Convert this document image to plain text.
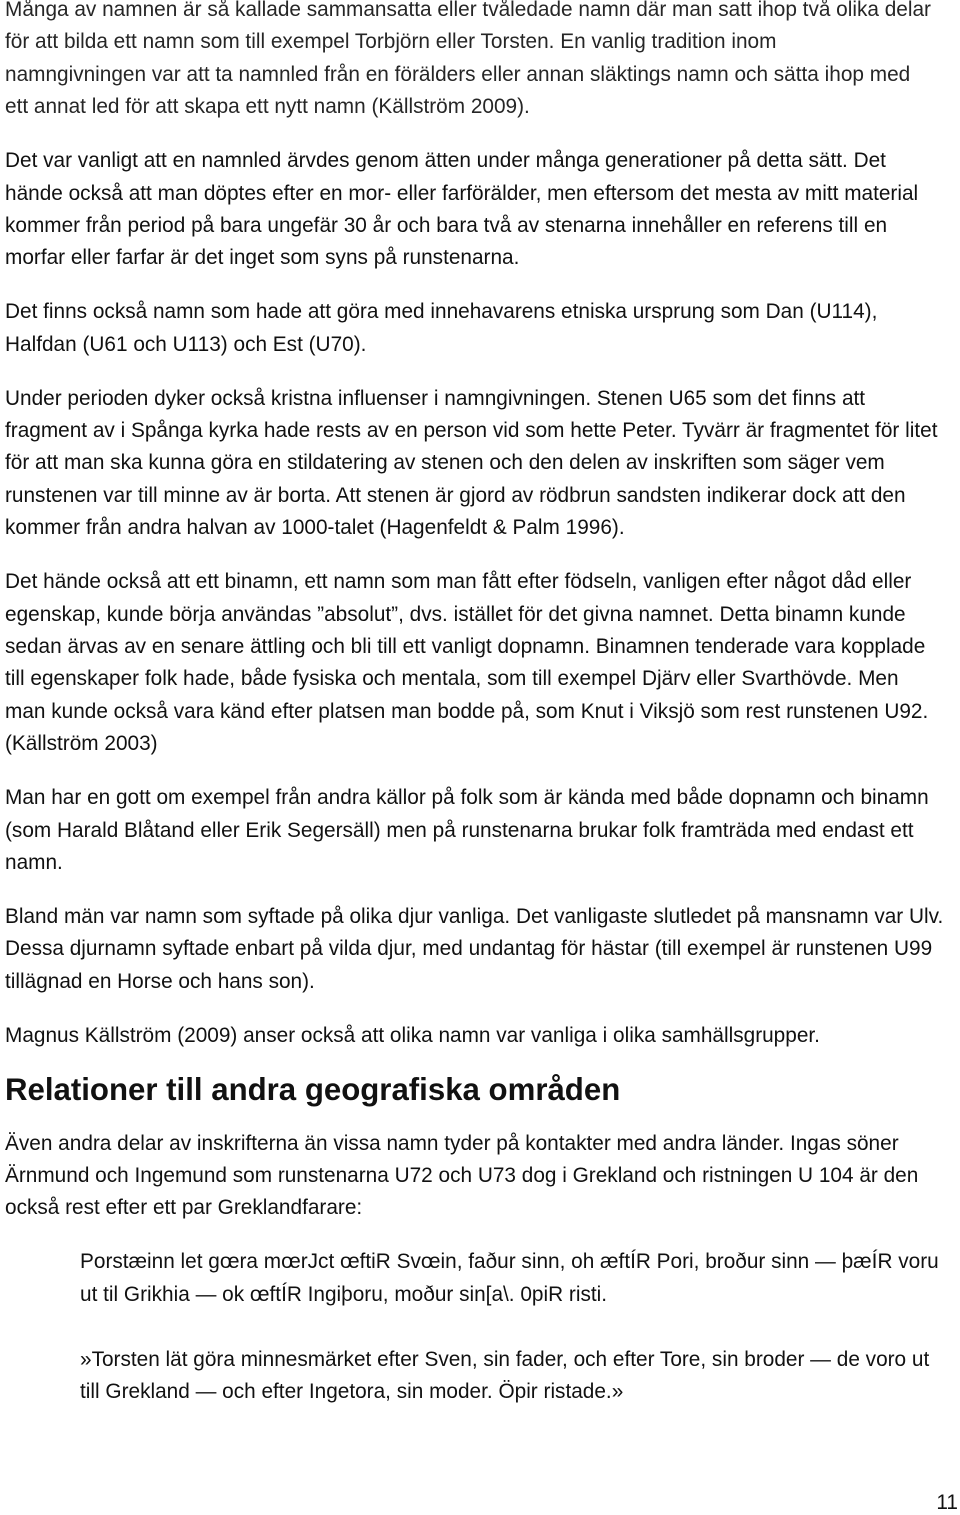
Många av namnen är så kallade sammansatta eller tvåledade namn där man satt ihop två olika delar
för att bilda ett namn som till exempel Torbjörn eller Torsten. En vanlig tradition inom
namngivningen var att ta namnled från en förälders eller annan släktings namn och sätta ihop med
ett annat led för att skapa ett nytt namn (Källström 2009).

Det var vanligt att en namnled ärvdes genom ätten under många generationer på detta sätt. Det
hände också att man döptes efter en mor- eller farförälder, men eftersom det mesta av mitt material
kommer från period på bara ungefär 30 år och bara två av stenarna innehåller en referens till en
morfar eller farfar är det inget som syns på runstenarna.

Det finns också namn som hade att göra med innehavarens etniska ursprung som Dan (U114),
Halfdan (U61 och U113) och Est (U70).

Under perioden dyker också kristna influenser i namngivningen. Stenen U65 som det finns att
fragment av i Spånga kyrka hade rests av en person vid som hette Peter. Tyvärr är fragmentet för litet
för att man ska kunna göra en stildatering av stenen och den delen av inskriften som säger vem
runstenen var till minne av är borta. Att stenen är gjord av rödbrun sandsten indikerar dock att den
kommer från andra halvan av 1000-talet (Hagenfeldt & Palm 1996).

Det hände också att ett binamn, ett namn som man fått efter födseln, vanligen efter något dåd eller
egenskap, kunde börja användas ”absolut”, dvs. istället för det givna namnet. Detta binamn kunde
sedan ärvas av en senare ättling och bli till ett vanligt dopnamn. Binamnen tenderade vara kopplade
till egenskaper folk hade, både fysiska och mentala, som till exempel Djärv eller Svarthövde. Men
man kunde också vara känd efter platsen man bodde på, som Knut i Viksjö som rest runstenen U92.
(Källström 2003)

Man har en gott om exempel från andra källor på folk som är kända med både dopnamn och binamn
(som Harald Blåtand eller Erik Segersäll) men på runstenarna brukar folk framträda med endast ett
namn.

Bland män var namn som syftade på olika djur vanliga. Det vanligaste slutledet på mansnamn var Ulv.
Dessa djurnamn syftade enbart på vilda djur, med undantag för hästar (till exempel är runstenen U99
tillägnad en Horse och hans son).

Magnus Källström (2009) anser också att olika namn var vanliga i olika samhällsgrupper.

Relationer till andra geografiska områden

Även andra delar av inskrifterna än vissa namn tyder på kontakter med andra länder. Ingas söner
Ärnmund och Ingemund som runstenarna U72 och U73 dog i Grekland och ristningen U 104 är den
också rest efter ett par Greklandfarare:

Porstæinn let gœra mœrJct œftiR Svœin, faður sinn, oh æftÍR Pori, broður sinn — þæÍR voru
ut til Grikhia — ok œftÍR Ingiþoru, moður sin[a\. 0piR risti.

»Torsten lät göra minnesmärket efter Sven, sin fader, och efter Tore, sin broder — de voro ut
till Grekland — och efter Ingetora, sin moder. Öpir ristade.»

11
